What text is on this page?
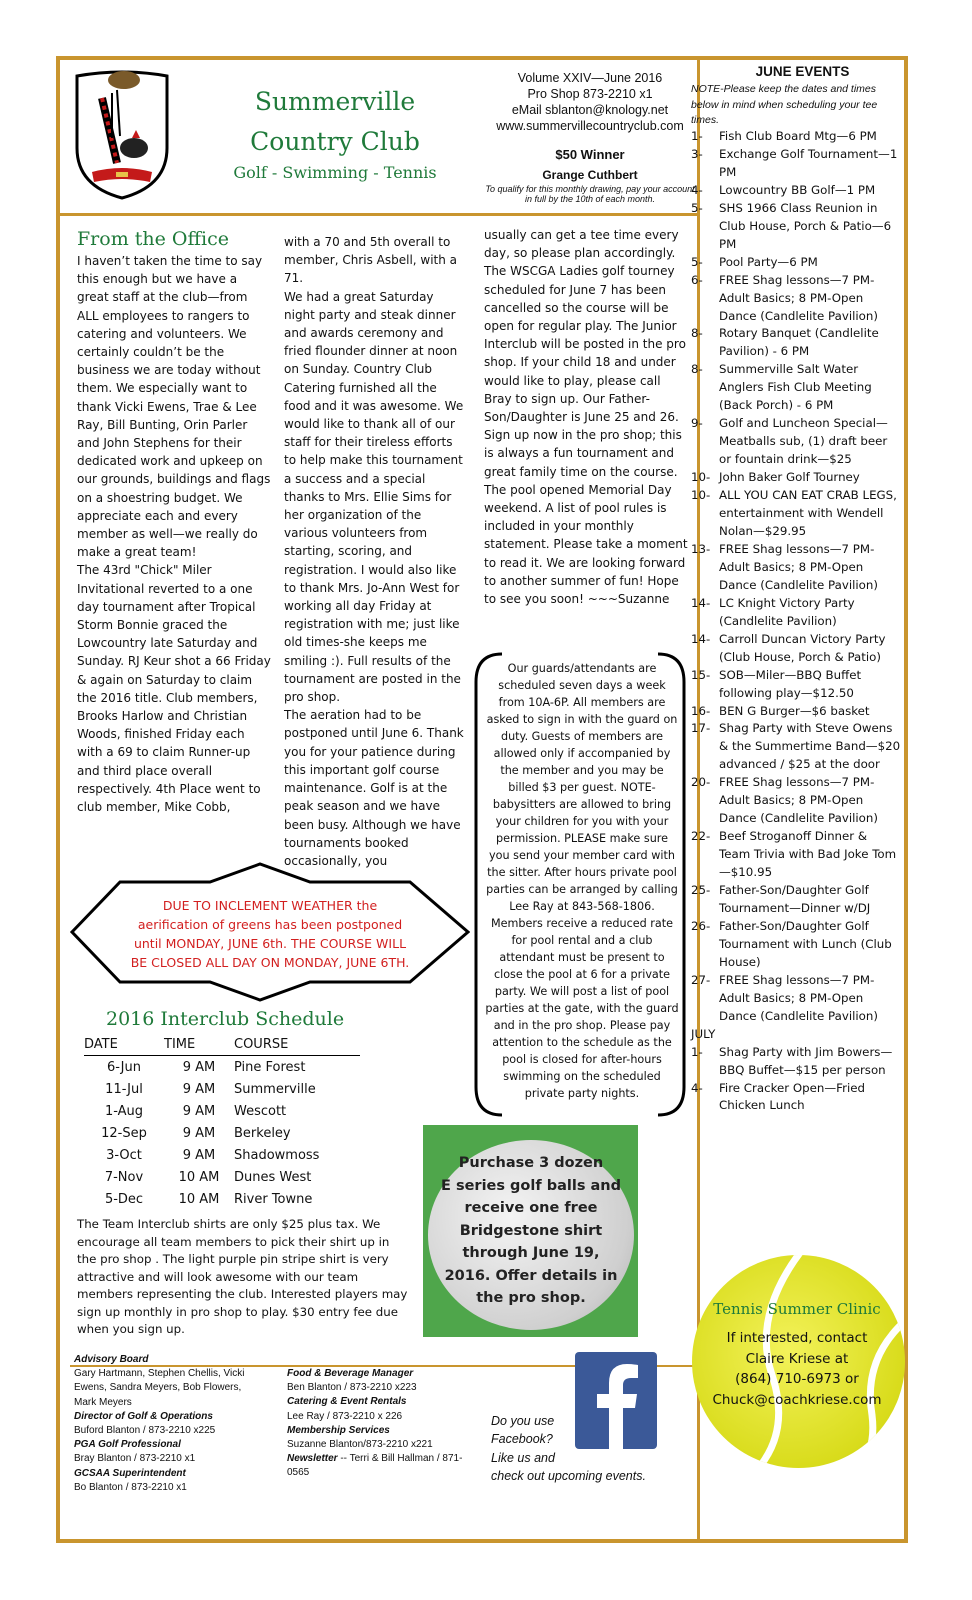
Summerville
Country Club
Golf - Swimming - Tennis
Volume XXIV—June 2016
Pro Shop 873-2210 x1
eMail sblanton@knology.net
www.summervillecountryclub.com
$50 Winner
Grange Cuthbert
To qualify for this monthly drawing, pay your account in full by the 10th of each month.
From the Office
I haven’t taken the time to say this enough but we have a great staff at the club—from ALL employees to rangers to catering and volunteers. We certainly couldn’t be the business we are today without them. We especially want to thank Vicki Ewens, Trae & Lee Ray, Bill Bunting, Orin Parler and John Stephens for their dedicated work and upkeep on our grounds, buildings and flags on a shoestring budget. We appreciate each and every member as well—we really do make a great team!
The 43rd "Chick" Miler Invitational reverted to a one day tournament after Tropical Storm Bonnie graced the Lowcountry late Saturday and Sunday. RJ Keur shot a 66 Friday & again on Saturday to claim the 2016 title. Club members, Brooks Harlow and Christian Woods, finished Friday each with a 69 to claim Runner-up and third place overall respectively. 4th Place went to club member, Mike Cobb,
with a 70 and 5th overall to member, Chris Asbell, with a 71.
We had a great Saturday night party and steak dinner and awards ceremony and fried flounder dinner at noon on Sunday. Country Club Catering furnished all the food and it was awesome. We would like to thank all of our staff for their tireless efforts to help make this tournament a success and a special thanks to Mrs. Ellie Sims for her organization of the various volunteers from starting, scoring, and registration. I would also like to thank Mrs. Jo-Ann West for working all day Friday at registration with me; just like old times-she keeps me smiling :). Full results of the tournament are posted in the pro shop.
The aeration had to be postponed until June 6. Thank you for your patience during this important golf course maintenance. Golf is at the peak season and we have been busy. Although we have tournaments booked occasionally, you
usually can get a tee time every day, so please plan accordingly. The WSCGA Ladies golf tourney scheduled for June 7 has been cancelled so the course will be open for regular play. The Junior Interclub will be posted in the pro shop. If your child 18 and under would like to play, please call Bray to sign up. Our Father-Son/Daughter is June 25 and 26. Sign up now in the pro shop; this is always a fun tournament and great family time on the course.
The pool opened Memorial Day weekend. A list of pool rules is included in your monthly statement. Please take a moment to read it. We are looking forward to another summer of fun! Hope to see you soon! ~~~Suzanne
Our guards/attendants are scheduled seven days a week from 10A-6P. All members are asked to sign in with the guard on duty. Guests of members are allowed only if accompanied by the member and you may be billed $3 per guest. NOTE-babysitters are allowed to bring your children for you with your permission. PLEASE make sure you send your member card with the sitter. After hours private pool parties can be arranged by calling Lee Ray at 843-568-1806. Members receive a reduced rate for pool rental and a club attendant must be present to close the pool at 6 for a private party. We will post a list of pool parties at the gate, with the guard and in the pro shop. Please pay attention to the schedule as the pool is closed for after-hours swimming on the scheduled private party nights.
DUE TO INCLEMENT WEATHER the
aerification of greens has been postponed
until MONDAY, JUNE 6th. THE COURSE WILL
BE CLOSED ALL DAY ON MONDAY, JUNE 6TH.
2016 Interclub Schedule
DATE	TIME	COURSE
6-Jun	9 AM	Pine Forest
11-Jul	9 AM	Summerville
1-Aug	9 AM	Wescott
12-Sep	9 AM	Berkeley
3-Oct	9 AM	Shadowmoss
7-Nov	10 AM	Dunes West
5-Dec	10 AM	River Towne
The Team Interclub shirts are only $25 plus tax. We encourage all team members to pick their shirt up in the pro shop . The light purple pin stripe shirt is very attractive and will look awesome with our team members representing the club. Interested players may sign up monthly in pro shop to play. $30 entry fee due when you sign up.
Purchase 3 dozen
E series golf balls and
receive one free
Bridgestone shirt
through June 19,
2016. Offer details in
the pro shop.
Advisory Board
Gary Hartmann, Stephen Chellis, Vicki Ewens, Sandra Meyers, Bob Flowers, Mark Meyers
Director of Golf & Operations
Buford Blanton / 873-2210 x225
PGA Golf Professional
Bray Blanton / 873-2210 x1
GCSAA Superintendent
Bo Blanton / 873-2210 x1
Food & Beverage Manager
Ben Blanton / 873-2210 x223
Catering & Event Rentals
Lee Ray / 873-2210 x 226
Membership Services
Suzanne Blanton/873-2210 x221
Newsletter -- Terri & Bill Hallman / 871-0565
Do you use
Facebook?
Like us and
check out upcoming events.
JUNE EVENTS
NOTE-Please keep the dates and times below in mind when scheduling your tee times.
1-	Fish Club Board Mtg—6 PM
3-	Exchange Golf Tournament—1 PM
4-	Lowcountry BB Golf—1 PM
5-	SHS 1966 Class Reunion in Club House, Porch & Patio—6 PM
5-	Pool Party—6 PM
6-	FREE Shag lessons—7 PM-Adult Basics; 8 PM-Open Dance (Candlelite Pavilion)
8-	Rotary Banquet (Candlelite Pavilion) - 6 PM
8-	Summerville Salt Water Anglers Fish Club Meeting (Back Porch) - 6 PM
9-	Golf and Luncheon Special—Meatballs sub, (1) draft beer or fountain drink—$25
10- John Baker Golf Tourney
10- ALL YOU CAN EAT CRAB LEGS, entertainment with Wendell Nolan—$29.95
13- FREE Shag lessons—7 PM-Adult Basics; 8 PM-Open Dance (Candlelite Pavilion)
14- LC Knight Victory Party (Candlelite Pavilion)
14- Carroll Duncan Victory Party (Club House, Porch & Patio)
15- SOB—Miler—BBQ Buffet following play—$12.50
16- BEN G Burger—$6 basket
17- Shag Party with Steve Owens & the Summertime Band—$20 advanced / $25 at the door
20- FREE Shag lessons—7 PM-Adult Basics; 8 PM-Open Dance (Candlelite Pavilion)
22- Beef Stroganoff Dinner & Team Trivia with Bad Joke Tom—$10.95
25- Father-Son/Daughter Golf Tournament—Dinner w/DJ
26- Father-Son/Daughter Golf Tournament with Lunch (Club House)
27- FREE Shag lessons—7 PM-Adult Basics; 8 PM-Open Dance (Candlelite Pavilion)
JULY
1-	Shag Party with Jim Bowers—BBQ Buffet—$15 per person
4-	Fire Cracker Open—Fried Chicken Lunch
Tennis Summer Clinic
If interested, contact
Claire Kriese at
(864) 710-6973 or
Chuck@coachkriese.com
